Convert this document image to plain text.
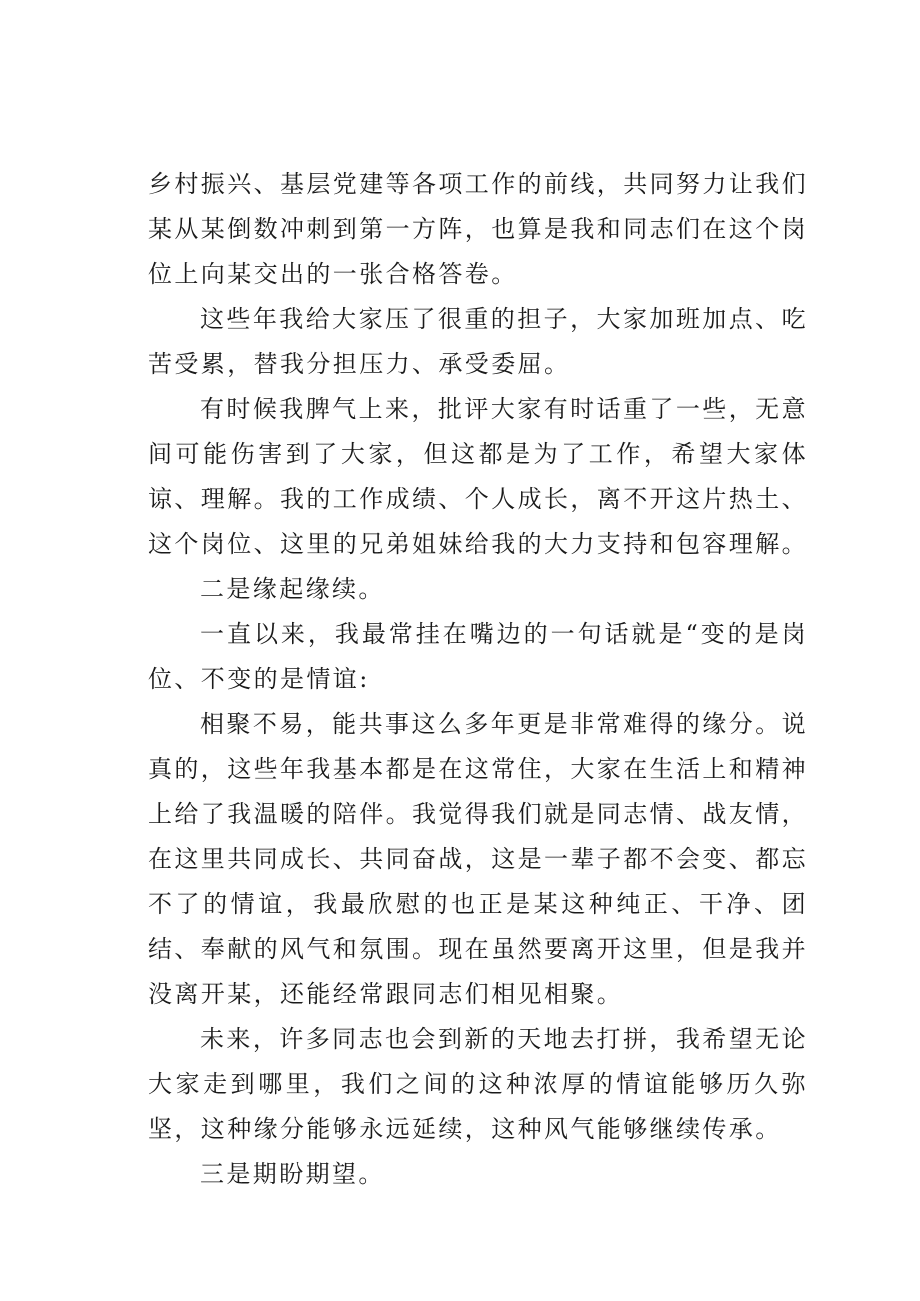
乡村振兴、基层党建等各项工作的前线，共同努力让我们某从某倒数冲刺到第一方阵，也算是我和同志们在这个岗位上向某交出的一张合格答卷。

这些年我给大家压了很重的担子，大家加班加点、吃苦受累，替我分担压力、承受委屈。

有时候我脾气上来，批评大家有时话重了一些，无意间可能伤害到了大家，但这都是为了工作，希望大家体谅、理解。我的工作成绩、个人成长，离不开这片热土、这个岗位、这里的兄弟姐妹给我的大力支持和包容理解。

二是缘起缘续。

一直以来，我最常挂在嘴边的一句话就是“变的是岗位、不变的是情谊:

相聚不易，能共事这么多年更是非常难得的缘分。说真的，这些年我基本都是在这常住，大家在生活上和精神上给了我温暖的陪伴。我觉得我们就是同志情、战友情，在这里共同成长、共同奋战，这是一辈子都不会变、都忘不了的情谊，我最欣慰的也正是某这种纯正、干净、团结、奉献的风气和氛围。现在虽然要离开这里，但是我并没离开某，还能经常跟同志们相见相聚。

未来，许多同志也会到新的天地去打拼，我希望无论大家走到哪里，我们之间的这种浓厚的情谊能够历久弥坚，这种缘分能够永远延续，这种风气能够继续传承。

三是期盼期望。
